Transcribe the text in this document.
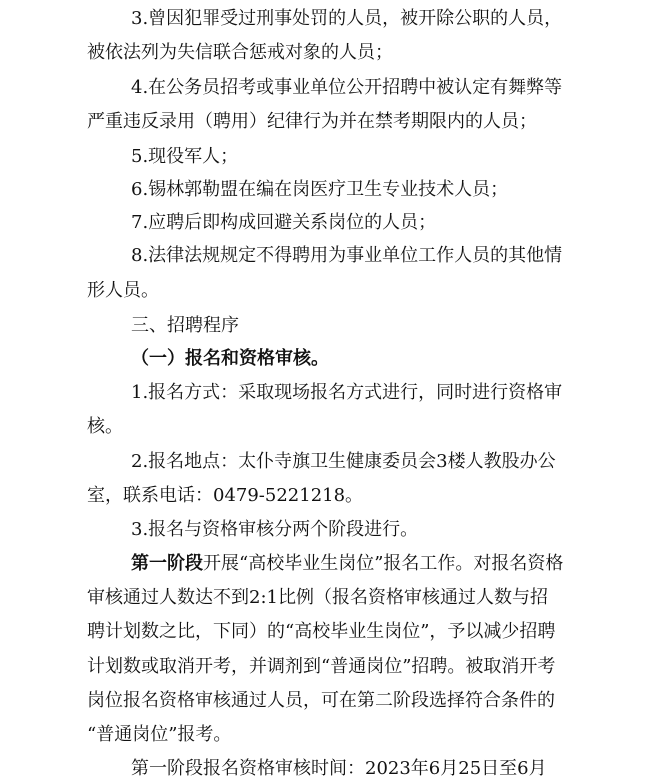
3.曾因犯罪受过刑事处罚的人员，被开除公职的人员，
被依法列为失信联合惩戒对象的人员；
4.在公务员招考或事业单位公开招聘中被认定有舞弊等
严重违反录用（聘用）纪律行为并在禁考期限内的人员；
5.现役军人；
6.锡林郭勒盟在编在岗医疗卫生专业技术人员；
7.应聘后即构成回避关系岗位的人员；
8.法律法规规定不得聘用为事业单位工作人员的其他情
形人员。
三、招聘程序
（一）报名和资格审核。
1.报名方式：采取现场报名方式进行，同时进行资格审
核。
2.报名地点：太仆寺旗卫生健康委员会3楼人教股办公
室，联系电话：0479-5221218。
3.报名与资格审核分两个阶段进行。
第一阶段开展“高校毕业生岗位”报名工作。对报名资格
审核通过人数达不到2:1比例（报名资格审核通过人数与招
聘计划数之比，下同）的“高校毕业生岗位”，予以减少招聘
计划数或取消开考，并调剂到“普通岗位”招聘。被取消开考
岗位报名资格审核通过人员，可在第二阶段选择符合条件的
“普通岗位”报考。
第一阶段报名资格审核时间：2023年6月25日至6月
